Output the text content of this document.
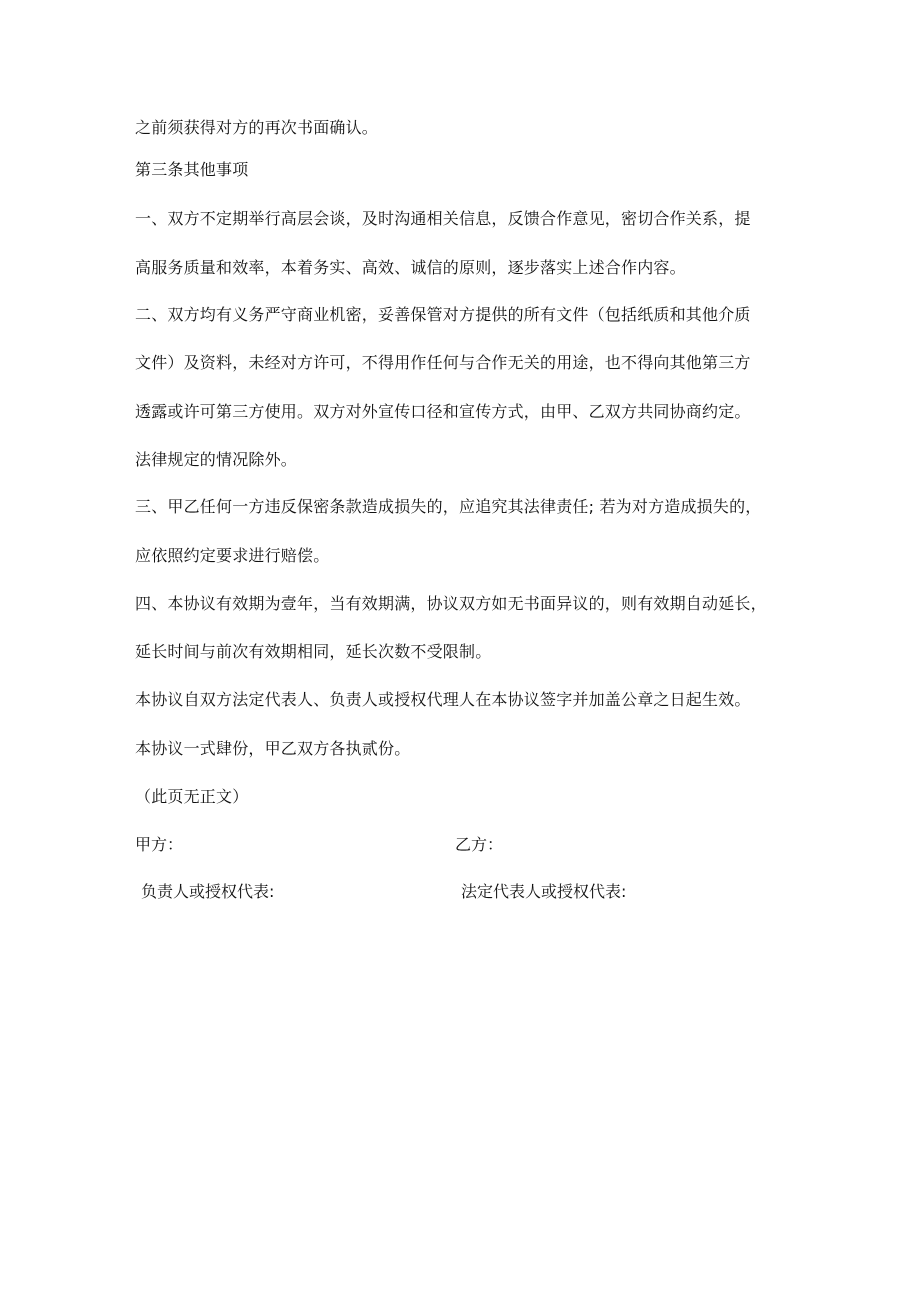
之前须获得对方的再次书面确认。
第三条其他事项
一、双方不定期举行高层会谈，及时沟通相关信息，反馈合作意见，密切合作关系，提
高服务质量和效率，本着务实、高效、诚信的原则，逐步落实上述合作内容。
二、双方均有义务严守商业机密，妥善保管对方提供的所有文件（包括纸质和其他介质
文件）及资料，未经对方许可，不得用作任何与合作无关的用途，也不得向其他第三方
透露或许可第三方使用。双方对外宣传口径和宣传方式，由甲、乙双方共同协商约定。
法律规定的情况除外。
三、甲乙任何一方违反保密条款造成损失的，应追究其法律责任; 若为对方造成损失的，
应依照约定要求进行赔偿。
四、本协议有效期为壹年，当有效期满，协议双方如无书面异议的，则有效期自动延长，
延长时间与前次有效期相同，延长次数不受限制。
本协议自双方法定代表人、负责人或授权代理人在本协议签字并加盖公章之日起生效。
本协议一式肆份，甲乙双方各执贰份。
（此页无正文）
甲方：	乙方：
负责人或授权代表:	法定代表人或授权代表:
